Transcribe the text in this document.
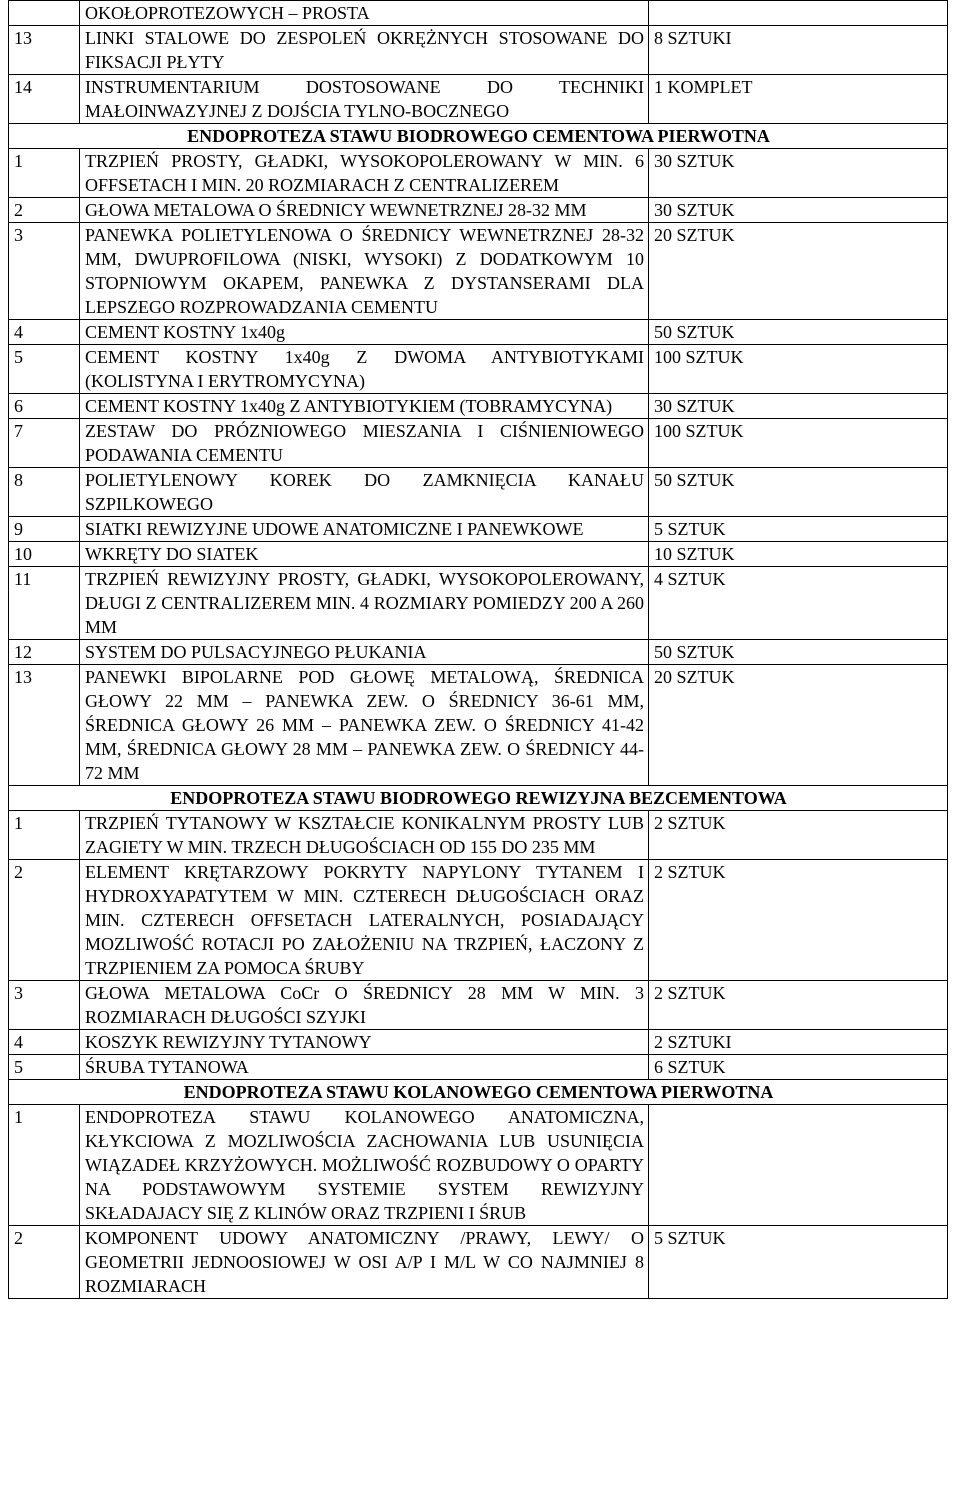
	OKOŁOPROTEZOWYCH – PROSTA	
13	LINKI STALOWE DO ZESPOLEŃ OKRĘŻNYCH STOSOWANE DO FIKSACJI PŁYTY	8 SZTUKI
14	INSTRUMENTARIUM DOSTOSOWANE DO TECHNIKI MAŁOINWAZYJNEJ Z DOJŚCIA TYLNO-BOCZNEGO	1 KOMPLET
ENDOPROTEZA STAWU BIODROWEGO CEMENTOWA PIERWOTNA		
1	TRZPIEŃ PROSTY, GŁADKI, WYSOKOPOLEROWANY W MIN. 6 OFFSETACH I MIN. 20 ROZMIARACH Z CENTRALIZEREM	30 SZTUK
2	GŁOWA METALOWA O ŚREDNICY WEWNETRZNEJ 28-32 MM	30 SZTUK
3	PANEWKA POLIETYLENOWA O ŚREDNICY WEWNETRZNEJ 28-32 MM, DWUPROFILOWA (NISKI, WYSOKI) Z DODATKOWYM 10 STOPNIOWYM OKAPEM, PANEWKA Z DYSTANSERAMI DLA LEPSZEGO ROZPROWADZANIA CEMENTU	20 SZTUK
4	CEMENT KOSTNY 1x40g	50 SZTUK
5	CEMENT KOSTNY 1x40g Z DWOMA ANTYBIOTYKAMI (KOLISTYNA I ERYTROMYCYNA)	100 SZTUK
6	CEMENT KOSTNY 1x40g Z ANTYBIOTYKIEM (TOBRAMYCYNA)	30 SZTUK
7	ZESTAW DO PRÓZNIOWEGO MIESZANIA I CIŚNIENIOWEGO PODAWANIA CEMENTU	100 SZTUK
8	POLIETYLENOWY KOREK DO ZAMKNIĘCIA KANAŁU SZPILKOWEGO	50 SZTUK
9	SIATKI REWIZYJNE UDOWE ANATOMICZNE I PANEWKOWE	5 SZTUK
10	WKRĘTY DO SIATEK	10 SZTUK
11	TRZPIEŃ REWIZYJNY PROSTY, GŁADKI, WYSOKOPOLEROWANY, DŁUGI Z CENTRALIZEREM MIN. 4 ROZMIARY POMIEDZY 200 A 260 MM	4 SZTUK
12	SYSTEM DO PULSACYJNEGO PŁUKANIA	50 SZTUK
13	PANEWKI BIPOLARNE POD GŁOWĘ METALOWĄ, ŚREDNICA GŁOWY 22 MM – PANEWKA ZEW. O ŚREDNICY 36-61 MM, ŚREDNICA GŁOWY 26 MM – PANEWKA ZEW. O ŚREDNICY 41-42 MM, ŚREDNICA GŁOWY 28 MM – PANEWKA ZEW. O ŚREDNICY 44-72 MM	20 SZTUK
ENDOPROTEZA STAWU BIODROWEGO REWIZYJNA BEZCEMENTOWA		
1	TRZPIEŃ TYTANOWY W KSZTAŁCIE KONIKALNYM PROSTY LUB ZAGIETY W MIN. TRZECH DŁUGOŚCIACH OD 155 DO 235 MM	2 SZTUK
2	ELEMENT KRĘTARZOWY POKRYTY NAPYLONY TYTANEM I HYDROXYAPATYTEM W MIN. CZTERECH DŁUGOŚCIACH ORAZ MIN. CZTERECH OFFSETACH LATERALNYCH, POSIADAJĄCY MOZLIWOŚĆ ROTACJI PO ZAŁOŻENIU NA TRZPIEŃ, ŁACZONY Z TRZPIENIEM ZA POMOCA ŚRUBY	2 SZTUK
3	GŁOWA METALOWA CoCr O ŚREDNICY 28 MM W MIN. 3 ROZMIARACH DŁUGOŚCI SZYJKI	2 SZTUK
4	KOSZYK REWIZYJNY TYTANOWY	2 SZTUKI
5	ŚRUBA TYTANOWA	6 SZTUK
ENDOPROTEZA STAWU KOLANOWEGO CEMENTOWA PIERWOTNA		
1	ENDOPROTEZA STAWU KOLANOWEGO ANATOMICZNA, KŁYKCIOWA Z MOZLIWOŚCIA ZACHOWANIA LUB USUNIĘCIA WIĄZADEŁ KRZYŻOWYCH. MOŻLIWOŚĆ ROZBUDOWY O OPARTY NA PODSTAWOWYM SYSTEMIE SYSTEM REWIZYJNY SKŁADAJACY SIĘ Z KLINÓW ORAZ TRZPIENI I ŚRUB	
2	KOMPONENT UDOWY ANATOMICZNY /PRAWY, LEWY/ O GEOMETRII JEDNOOSIOWEJ W OSI A/P I M/L W CO NAJMNIEJ 8 ROZMIARACH	5 SZTUK
